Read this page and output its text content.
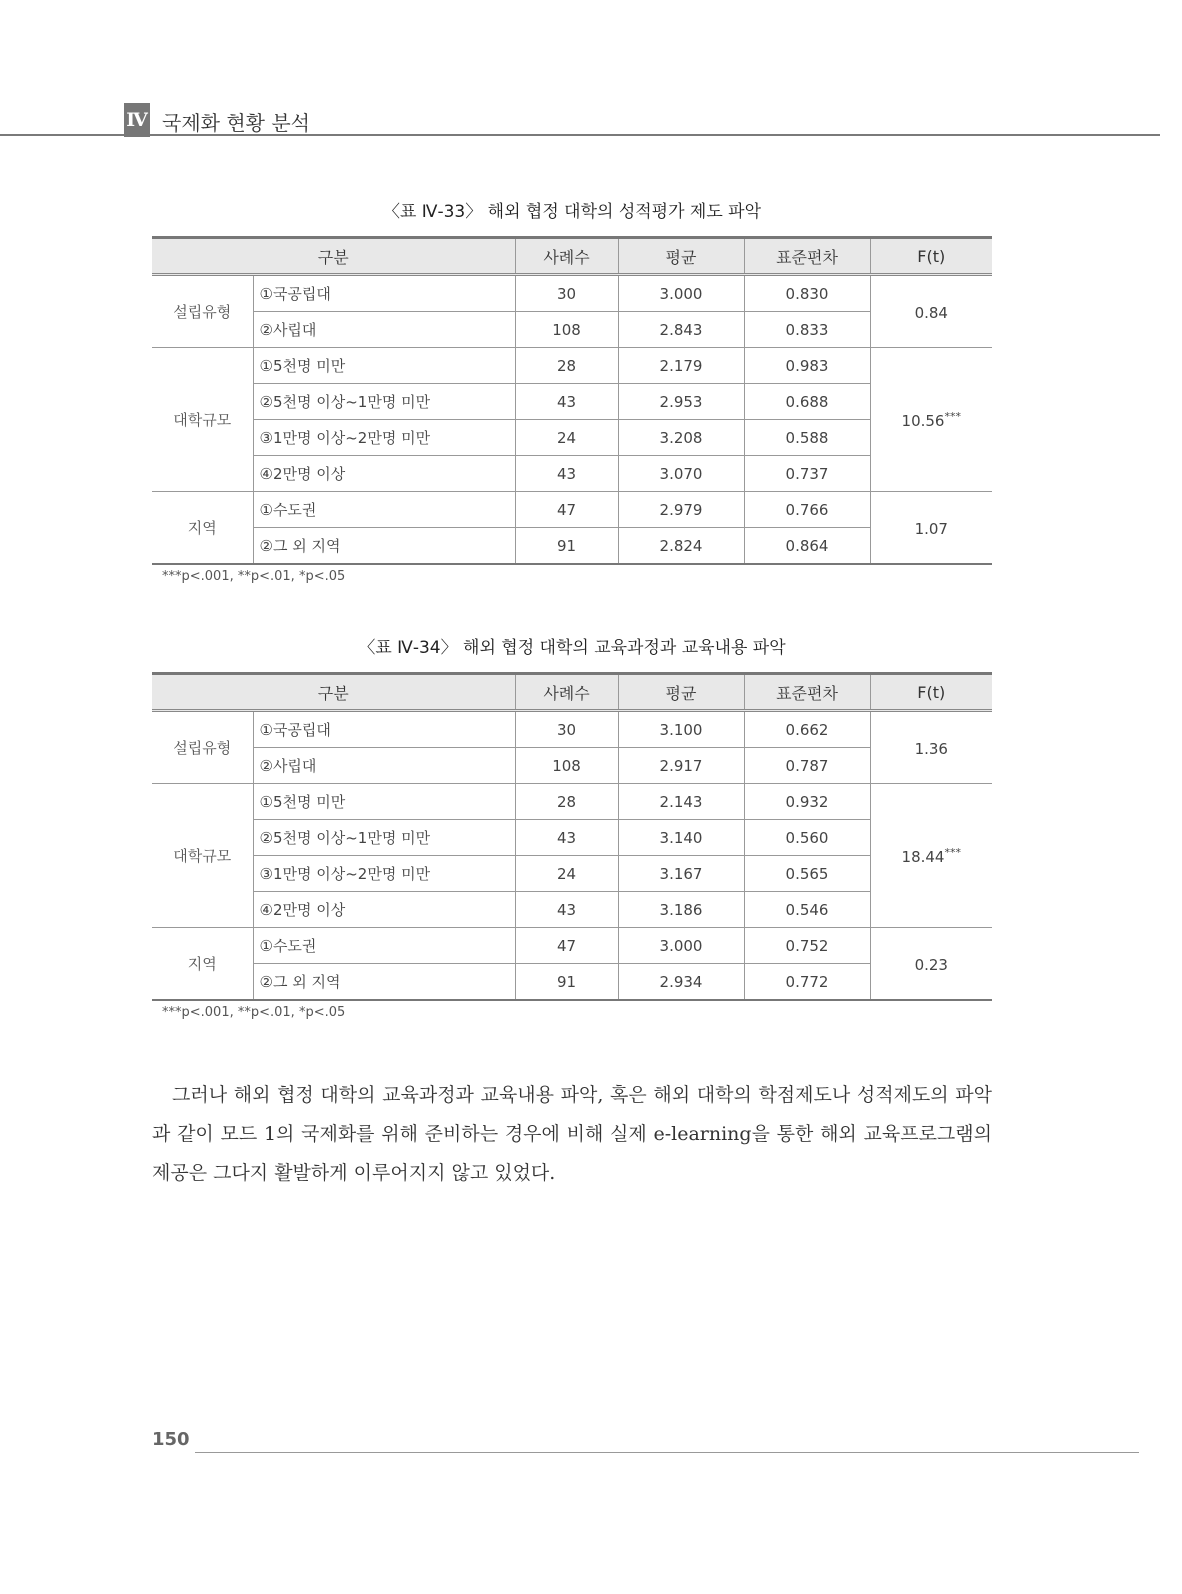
Ⅳ 국제화 현황 분석
〈표 Ⅳ-33〉 해외 협정 대학의 성적평가 제도 파악
구분		사례수	평균	표준편차	F(t)
설립유형	①국공립대	30	3.000	0.830	0.84
	②사립대	108	2.843	0.833	
대학규모	①5천명 미만	28	2.179	0.983	10.56***
	②5천명 이상~1만명 미만	43	2.953	0.688	
	③1만명 이상~2만명 미만	24	3.208	0.588	
	④2만명 이상	43	3.070	0.737	
지역	①수도권	47	2.979	0.766	1.07
	②그 외 지역	91	2.824	0.864	
***p<.001, **p<.01, *p<.05
〈표 Ⅳ-34〉 해외 협정 대학의 교육과정과 교육내용 파악
구분		사례수	평균	표준편차	F(t)
설립유형	①국공립대	30	3.100	0.662	1.36
	②사립대	108	2.917	0.787	
대학규모	①5천명 미만	28	2.143	0.932	18.44***
	②5천명 이상~1만명 미만	43	3.140	0.560	
	③1만명 이상~2만명 미만	24	3.167	0.565	
	④2만명 이상	43	3.186	0.546	
지역	①수도권	47	3.000	0.752	0.23
	②그 외 지역	91	2.934	0.772	
***p<.001, **p<.01, *p<.05
그러나 해외 협정 대학의 교육과정과 교육내용 파악, 혹은 해외 대학의 학점제도나 성적제도의 파악과 같이 모드 1의 국제화를 위해 준비하는 경우에 비해 실제 e-learning을 통한 해외 교육프로그램의 제공은 그다지 활발하게 이루어지지 않고 있었다.
150
